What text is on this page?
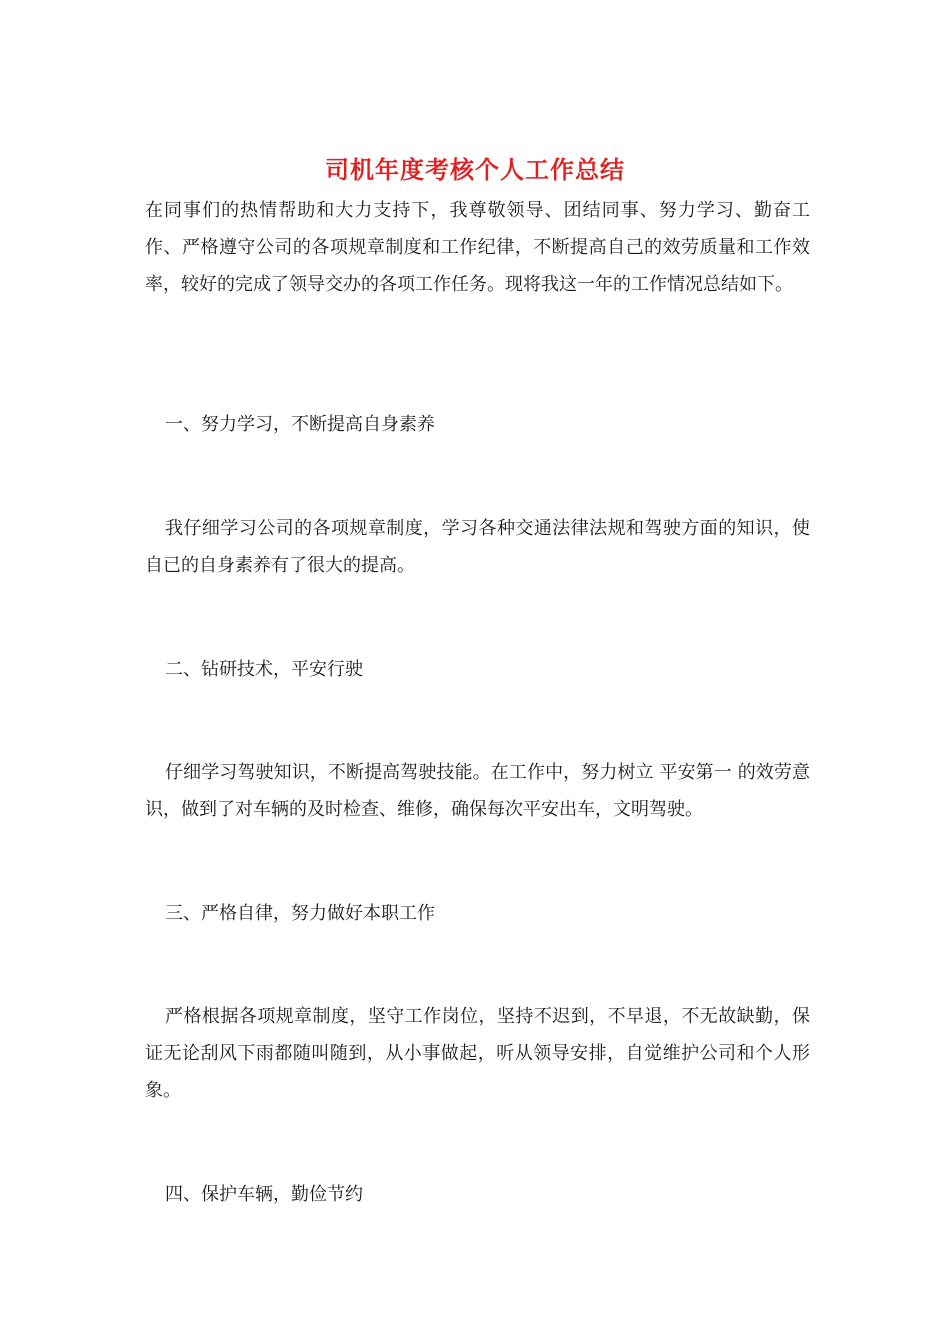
司机年度考核个人工作总结

在同事们的热情帮助和大力支持下，我尊敬领导、团结同事、努力学习、勤奋工作、严格遵守公司的各项规章制度和工作纪律，不断提高自己的效劳质量和工作效率，较好的完成了领导交办的各项工作任务。现将我这一年的工作情况总结如下。

一、努力学习，不断提高自身素养

我仔细学习公司的各项规章制度，学习各种交通法律法规和驾驶方面的知识，使自已的自身素养有了很大的提高。

二、钻研技术，平安行驶

仔细学习驾驶知识，不断提高驾驶技能。在工作中，努力树立 平安第一 的效劳意识，做到了对车辆的及时检查、维修，确保每次平安出车，文明驾驶。

三、严格自律，努力做好本职工作

严格根据各项规章制度，坚守工作岗位，坚持不迟到，不早退，不无故缺勤，保证无论刮风下雨都随叫随到，从小事做起，听从领导安排，自觉维护公司和个人形象。

四、保护车辆，勤俭节约
